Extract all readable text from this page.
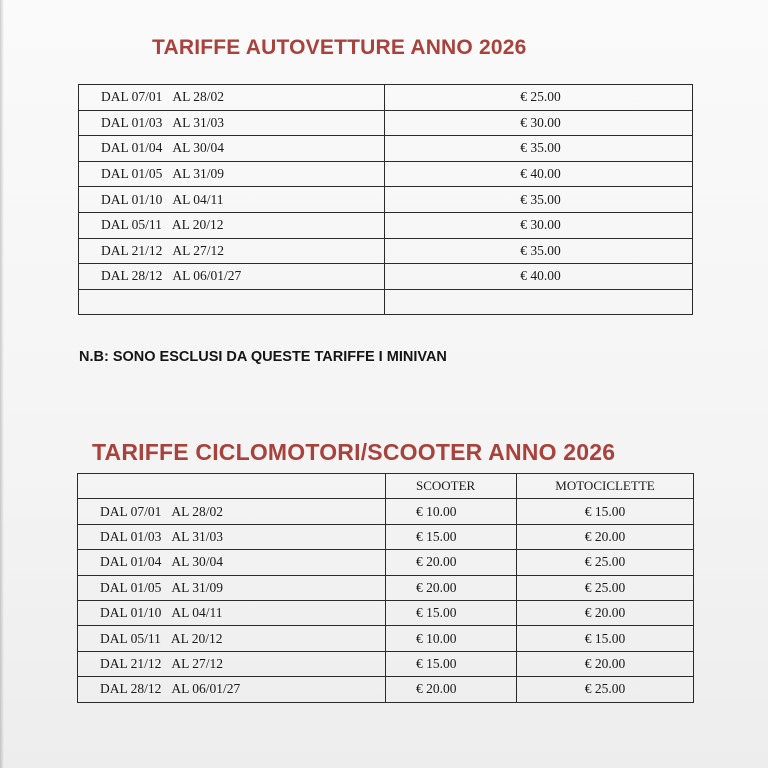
TARIFFE AUTOVETTURE ANNO 2026
DAL 07/01 AL 28/02	€ 25.00
DAL 01/03 AL 31/03	€ 30.00
DAL 01/04 AL 30/04	€ 35.00
DAL 01/05 AL 31/09	€ 40.00
DAL 01/10 AL 04/11	€ 35.00
DAL 05/11 AL 20/12	€ 30.00
DAL 21/12 AL 27/12	€ 35.00
DAL 28/12 AL 06/01/27	€ 40.00

N.B: SONO ESCLUSI DA QUESTE TARIFFE I MINIVAN
TARIFFE CICLOMOTORI/SCOOTER ANNO 2026
	SCOOTER	MOTOCICLETTE
DAL 07/01 AL 28/02	€ 10.00	€ 15.00
DAL 01/03 AL 31/03	€ 15.00	€ 20.00
DAL 01/04 AL 30/04	€ 20.00	€ 25.00
DAL 01/05 AL 31/09	€ 20.00	€ 25.00
DAL 01/10 AL 04/11	€ 15.00	€ 20.00
DAL 05/11 AL 20/12	€ 10.00	€ 15.00
DAL 21/12 AL 27/12	€ 15.00	€ 20.00
DAL 28/12 AL 06/01/27	€ 20.00	€ 25.00
